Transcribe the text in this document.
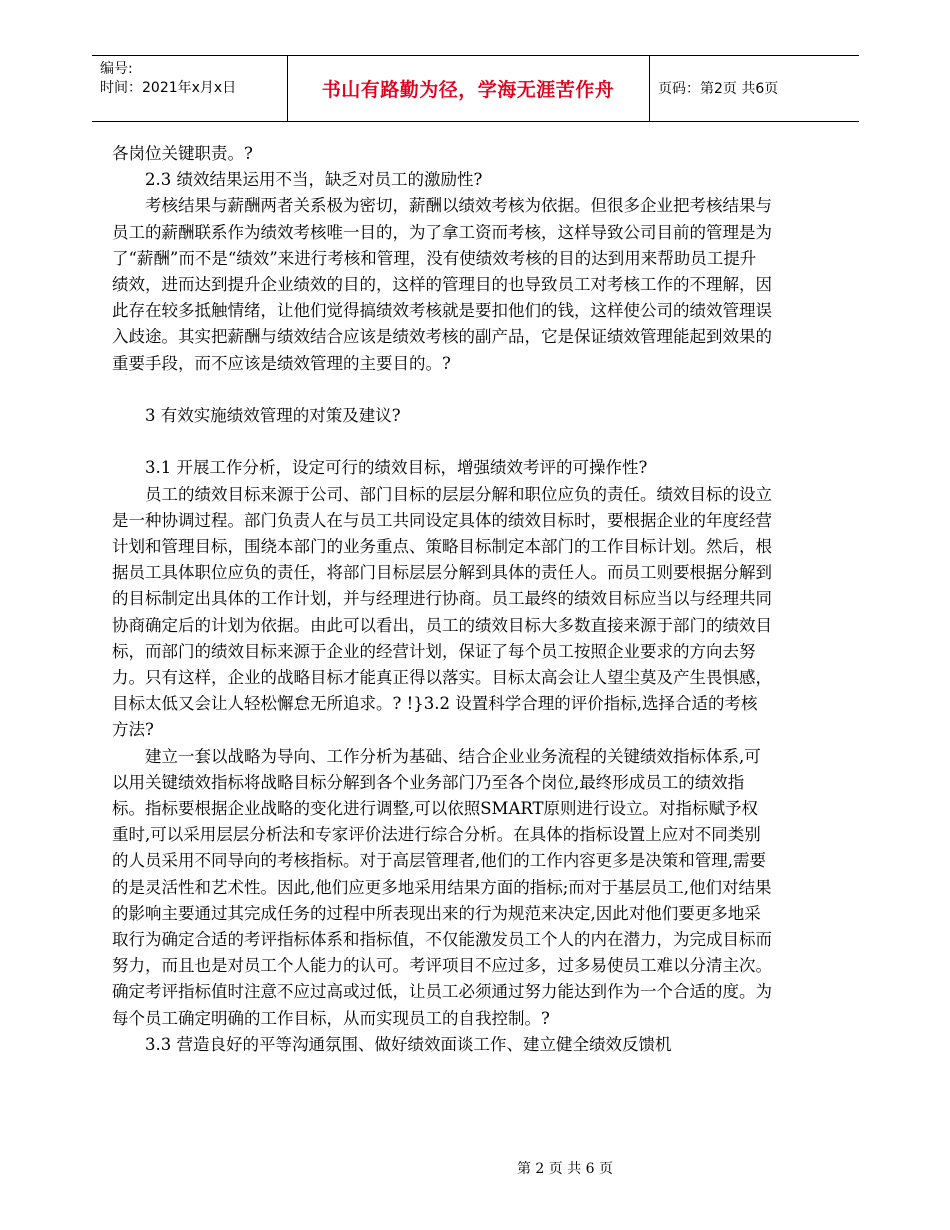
编号:
时间：2021年x月x日	书山有路勤为径，学海无涯苦作舟	页码：第2页 共6页

各岗位关键职责。?

2.3 绩效结果运用不当，缺乏对员工的激励性?

考核结果与薪酬两者关系极为密切，薪酬以绩效考核为依据。但很多企业把考核结果与员工的薪酬联系作为绩效考核唯一目的，为了拿工资而考核，这样导致公司目前的管理是为了“薪酬”而不是“绩效”来进行考核和管理，没有使绩效考核的目的达到用来帮助员工提升绩效，进而达到提升企业绩效的目的，这样的管理目的也导致员工对考核工作的不理解，因此存在较多抵触情绪，让他们觉得搞绩效考核就是要扣他们的钱，这样使公司的绩效管理误入歧途。其实把薪酬与绩效结合应该是绩效考核的副产品，它是保证绩效管理能起到效果的重要手段，而不应该是绩效管理的主要目的。?

3 有效实施绩效管理的对策及建议?

3.1 开展工作分析，设定可行的绩效目标，增强绩效考评的可操作性?

员工的绩效目标来源于公司、部门目标的层层分解和职位应负的责任。绩效目标的设立是一种协调过程。部门负责人在与员工共同设定具体的绩效目标时，要根据企业的年度经营计划和管理目标，围绕本部门的业务重点、策略目标制定本部门的工作目标计划。然后，根据员工具体职位应负的责任，将部门目标层层分解到具体的责任人。而员工则要根据分解到的目标制定出具体的工作计划，并与经理进行协商。员工最终的绩效目标应当以与经理共同协商确定后的计划为依据。由此可以看出，员工的绩效目标大多数直接来源于部门的绩效目标，而部门的绩效目标来源于企业的经营计划，保证了每个员工按照企业要求的方向去努力。只有这样，企业的战略目标才能真正得以落实。目标太高会让人望尘莫及产生畏惧感，目标太低又会让人轻松懈怠无所追求。? !}3.2 设置科学合理的评价指标,选择合适的考核方法?

建立一套以战略为导向、工作分析为基础、结合企业业务流程的关键绩效指标体系,可以用关键绩效指标将战略目标分解到各个业务部门乃至各个岗位,最终形成员工的绩效指标。指标要根据企业战略的变化进行调整,可以依照SMART原则进行设立。对指标赋予权重时,可以采用层层分析法和专家评价法进行综合分析。在具体的指标设置上应对不同类别的人员采用不同导向的考核指标。对于高层管理者,他们的工作内容更多是决策和管理,需要的是灵活性和艺术性。因此,他们应更多地采用结果方面的指标;而对于基层员工,他们对结果的影响主要通过其完成任务的过程中所表现出来的行为规范来决定,因此对他们要更多地采取行为确定合适的考评指标体系和指标值，不仅能激发员工个人的内在潜力，为完成目标而努力，而且也是对员工个人能力的认可。考评项目不应过多，过多易使员工难以分清主次。确定考评指标值时注意不应过高或过低，让员工必须通过努力能达到作为一个合适的度。为每个员工确定明确的工作目标，从而实现员工的自我控制。?

3.3 营造良好的平等沟通氛围、做好绩效面谈工作、建立健全绩效反馈机

第 2 页 共 6 页
